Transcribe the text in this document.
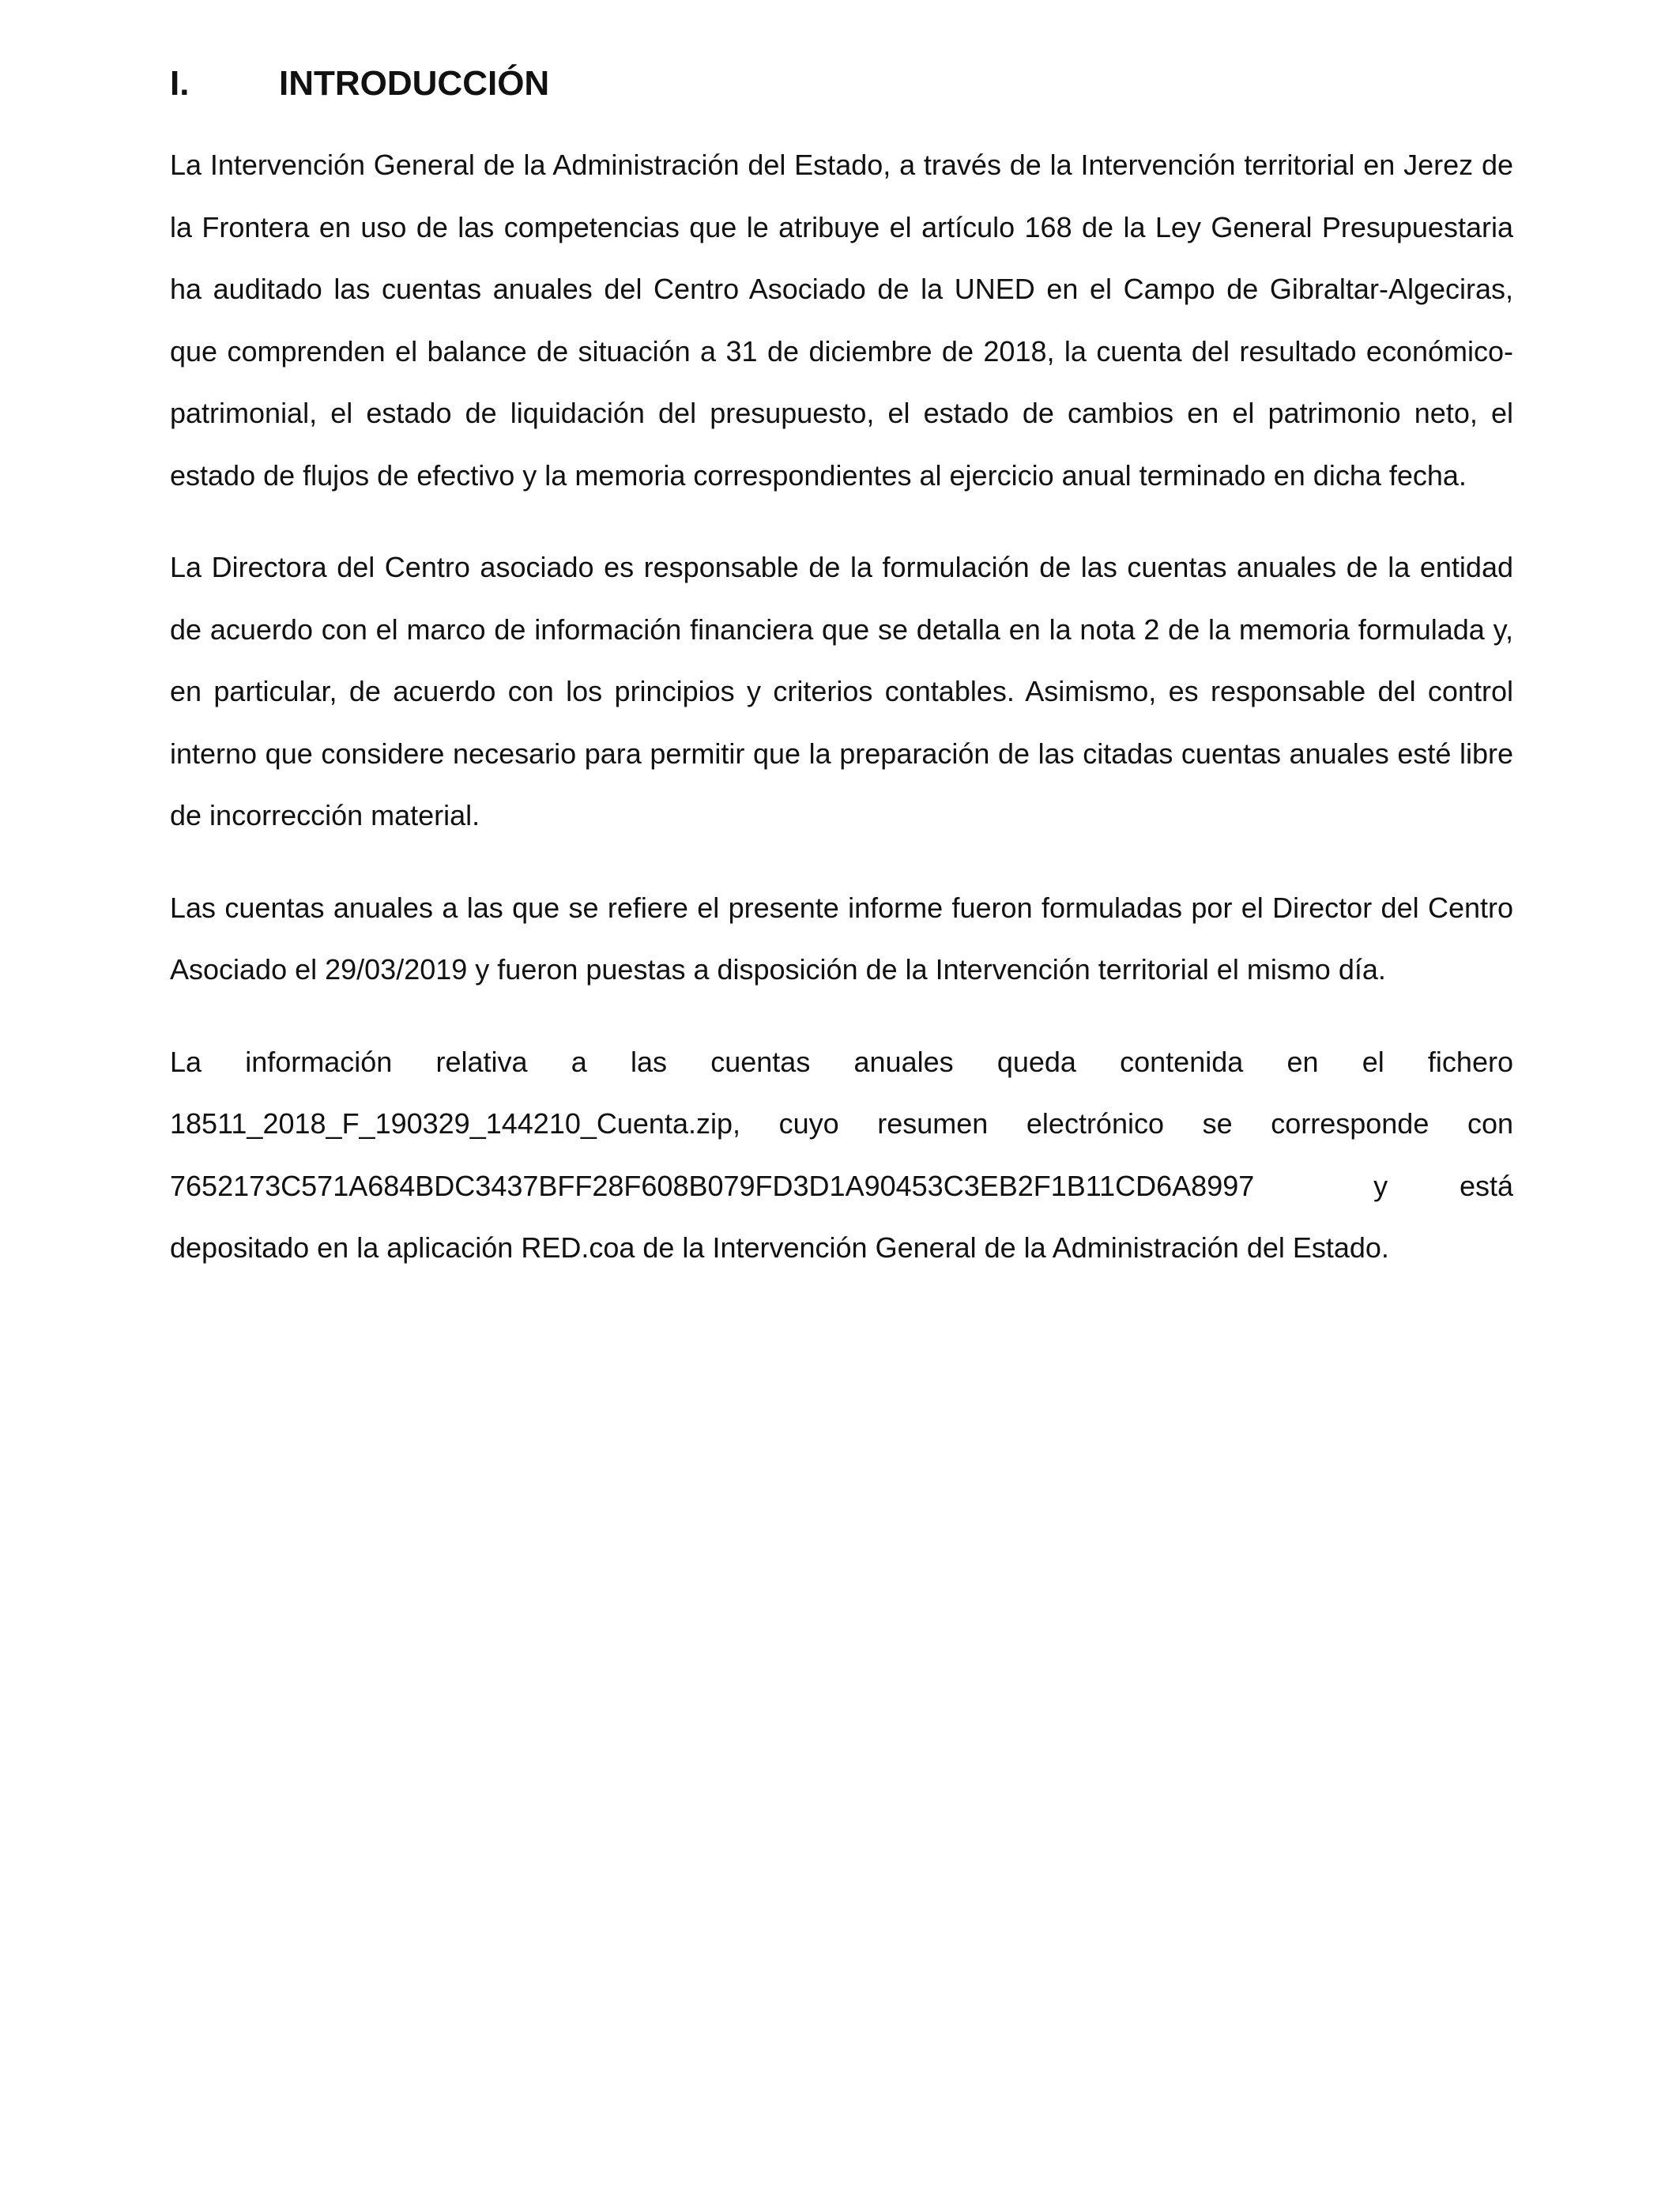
I.	INTRODUCCIÓN

La Intervención General de la Administración del Estado, a través de la Intervención territorial en Jerez de la Frontera en uso de las competencias que le atribuye el artículo 168 de la Ley General Presupuestaria ha auditado las cuentas anuales del Centro Asociado de la UNED en el Campo de Gibraltar-Algeciras, que comprenden el balance de situación a 31 de diciembre de 2018, la cuenta del resultado económico-patrimonial, el estado de liquidación del presupuesto, el estado de cambios en el patrimonio neto, el estado de flujos de efectivo y la memoria correspondientes al ejercicio anual terminado en dicha fecha.

La Directora del Centro asociado es responsable de la formulación de las cuentas anuales de la entidad de acuerdo con el marco de información financiera que se detalla en la nota 2 de la memoria formulada y, en particular, de acuerdo con los principios y criterios contables. Asimismo, es responsable del control interno que considere necesario para permitir que la preparación de las citadas cuentas anuales esté libre de incorrección material.

Las cuentas anuales a las que se refiere el presente informe fueron formuladas por el Director del Centro Asociado el 29/03/2019 y fueron puestas a disposición de la Intervención territorial el mismo día.

La información relativa a las cuentas anuales queda contenida en el fichero 18511_2018_F_190329_144210_Cuenta.zip, cuyo resumen electrónico se corresponde con
7652173C571A684BDC3437BFF28F608B079FD3D1A90453C3EB2F1B11CD6A8997	y	está
depositado en la aplicación RED.coa de la Intervención General de la Administración del Estado.
